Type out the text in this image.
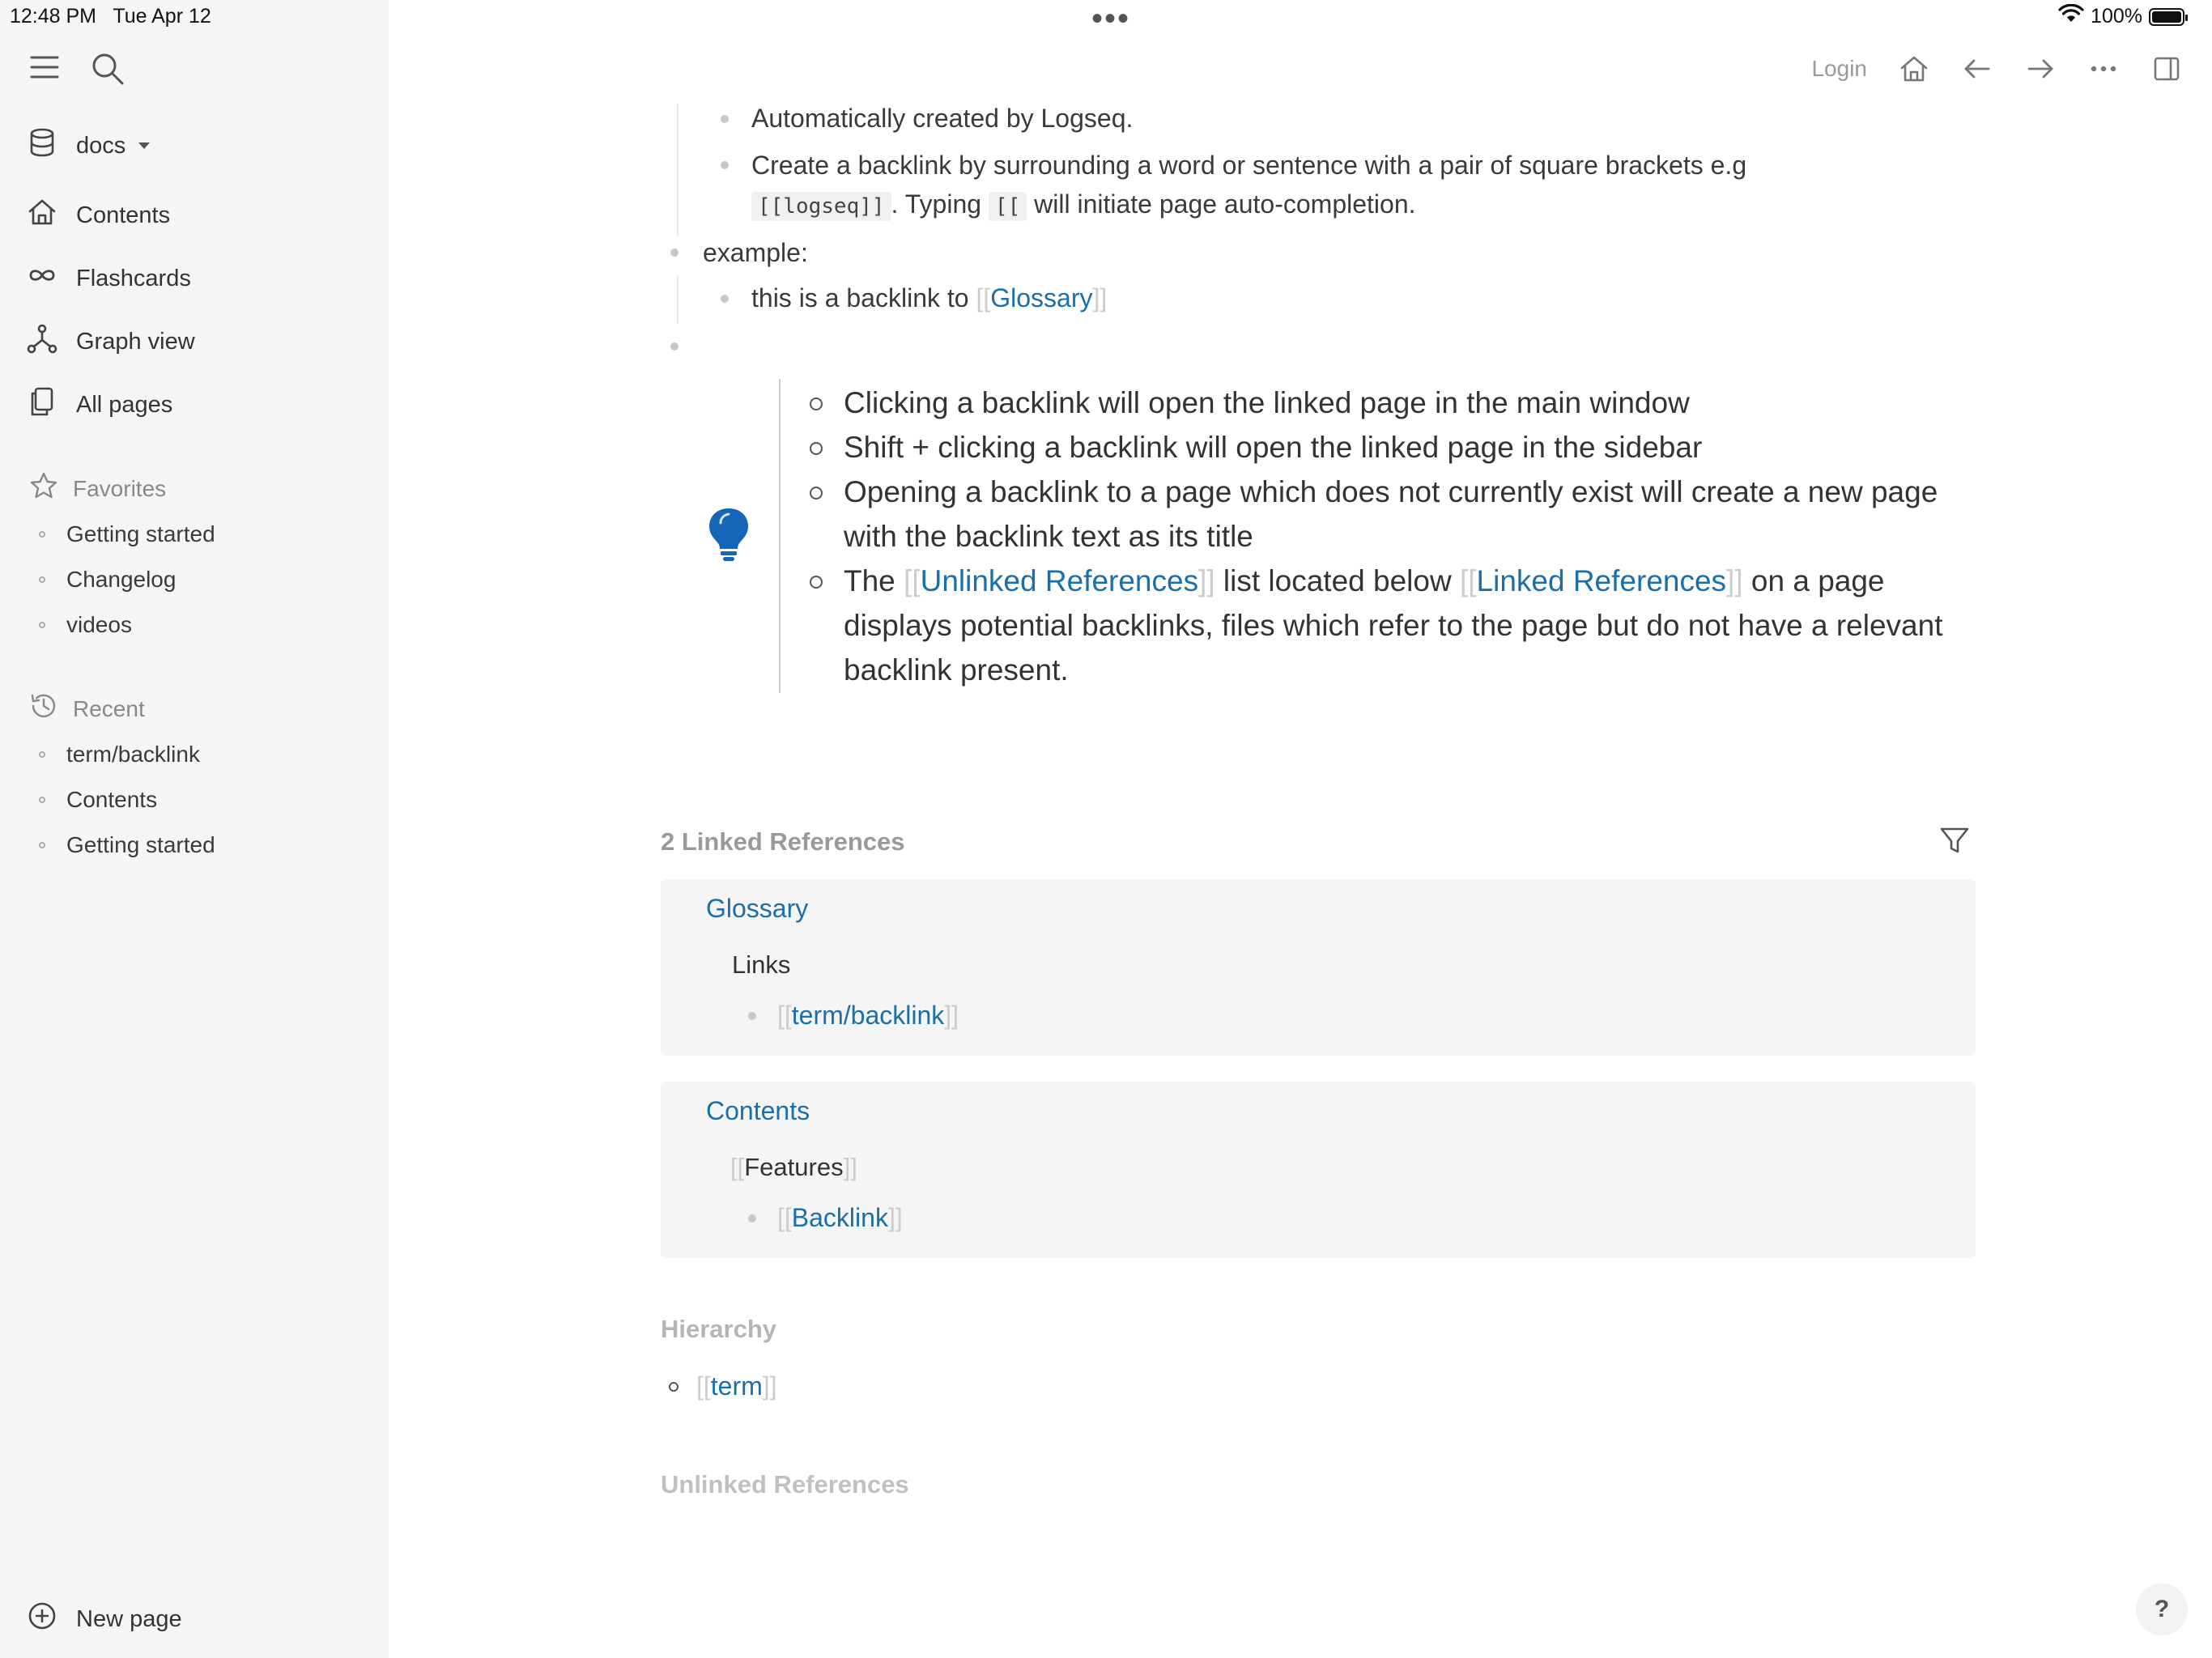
docs
Contents
Flashcards
Graph view
All pages
Favorites
Getting started
Changelog
videos
Recent
term/backlink
Contents
Getting started
New page
12:48 PM Tue Apr 12	•••	100%
Login
Automatically created by Logseq.
Create a backlink by surrounding a word or sentence with a pair of square brackets e.g
[[logseq]] . Typing [[ will initiate page auto-completion.
example:
this is a backlink to [[Glossary]]
Clicking a backlink will open the linked page in the main window
Shift + clicking a backlink will open the linked page in the sidebar
Opening a backlink to a page which does not currently exist will create a new page with the backlink text as its title
The [[Unlinked References]] list located below [[Linked References]] on a page displays potential backlinks, files which refer to the page but do not have a relevant backlink present.
2 Linked References
Glossary
Links
[[ term/backlink ]]
Contents
[[Features]]
[[ Backlink ]]
Hierarchy
[[ term ]]
Unlinked References
?
